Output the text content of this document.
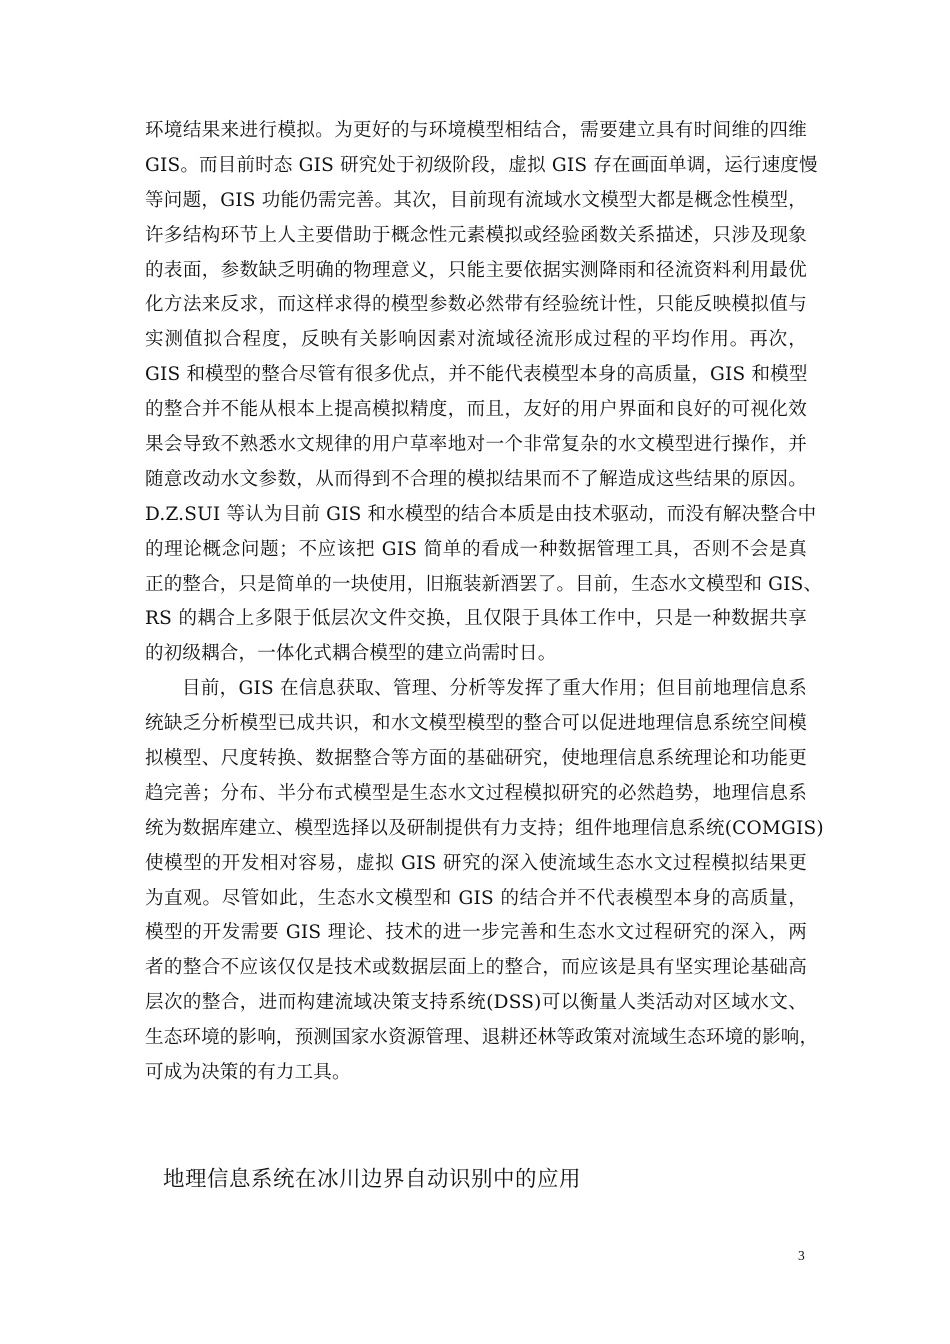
环境结果来进行模拟。为更好的与环境模型相结合，需要建立具有时间维的四维
GIS。而目前时态 GIS 研究处于初级阶段，虚拟 GIS 存在画面单调，运行速度慢
等问题，GIS 功能仍需完善。其次，目前现有流域水文模型大都是概念性模型，
许多结构环节上人主要借助于概念性元素模拟或经验函数关系描述，只涉及现象
的表面，参数缺乏明确的物理意义，只能主要依据实测降雨和径流资料利用最优
化方法来反求，而这样求得的模型参数必然带有经验统计性，只能反映模拟值与
实测值拟合程度，反映有关影响因素对流域径流形成过程的平均作用。再次，
GIS 和模型的整合尽管有很多优点，并不能代表模型本身的高质量，GIS 和模型
的整合并不能从根本上提高模拟精度，而且，友好的用户界面和良好的可视化效
果会导致不熟悉水文规律的用户草率地对一个非常复杂的水文模型进行操作，并
随意改动水文参数，从而得到不合理的模拟结果而不了解造成这些结果的原因。
D.Z.SUI 等认为目前 GIS 和水模型的结合本质是由技术驱动，而没有解决整合中
的理论概念问题；不应该把 GIS 简单的看成一种数据管理工具，否则不会是真
正的整合，只是简单的一块使用，旧瓶装新酒罢了。目前，生态水文模型和 GIS、
RS 的耦合上多限于低层次文件交换，且仅限于具体工作中，只是一种数据共享
的初级耦合，一体化式耦合模型的建立尚需时日。
目前，GIS 在信息获取、管理、分析等发挥了重大作用；但目前地理信息系
统缺乏分析模型已成共识，和水文模型模型的整合可以促进地理信息系统空间模
拟模型、尺度转换、数据整合等方面的基础研究，使地理信息系统理论和功能更
趋完善；分布、半分布式模型是生态水文过程模拟研究的必然趋势，地理信息系
统为数据库建立、模型选择以及研制提供有力支持；组件地理信息系统(COMGIS)
使模型的开发相对容易，虚拟 GIS 研究的深入使流域生态水文过程模拟结果更
为直观。尽管如此，生态水文模型和 GIS 的结合并不代表模型本身的高质量，
模型的开发需要 GIS 理论、技术的进一步完善和生态水文过程研究的深入，两
者的整合不应该仅仅是技术或数据层面上的整合，而应该是具有坚实理论基础高
层次的整合，进而构建流域决策支持系统(DSS)可以衡量人类活动对区域水文、
生态环境的影响，预测国家水资源管理、退耕还林等政策对流域生态环境的影响，
可成为决策的有力工具。
地理信息系统在冰川边界自动识别中的应用
3
